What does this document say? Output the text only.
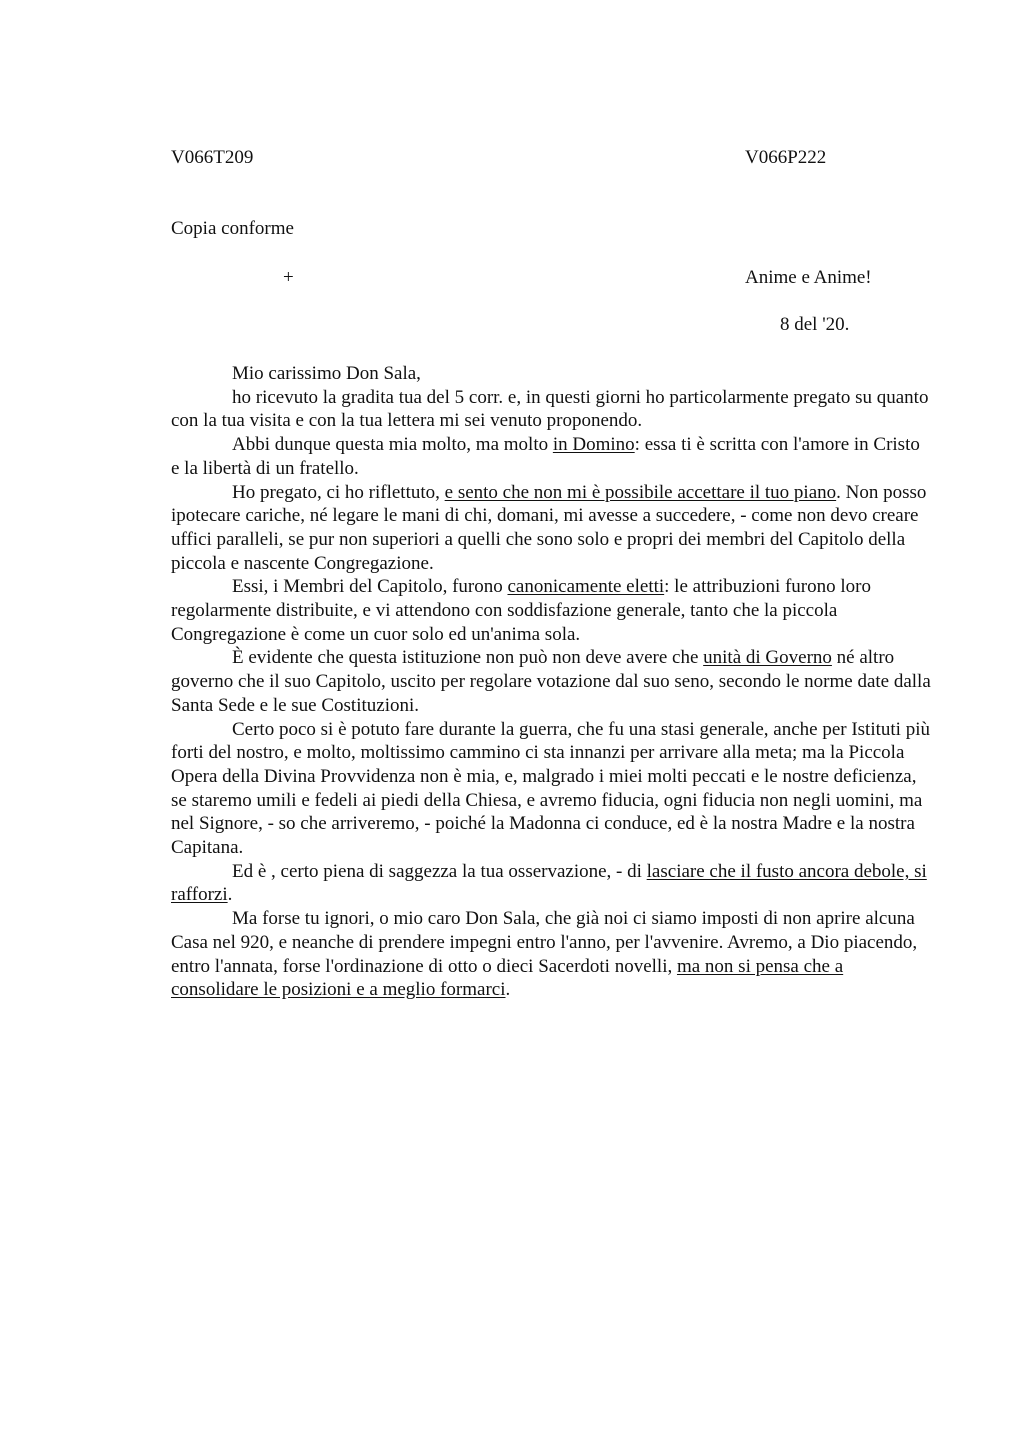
V066T209	V066P222
Copia conforme
+	Anime e Anime!
8 del '20.

Mio carissimo Don Sala,

ho ricevuto la gradita tua del 5 corr. e, in questi giorni ho particolarmente pregato su quanto con la tua visita e con la tua lettera mi sei venuto proponendo.

Abbi dunque questa mia molto, ma molto in Domino: essa ti è scritta con l'amore in Cristo e la libertà di un fratello.

Ho pregato, ci ho riflettuto, e sento che non mi è possibile accettare il tuo piano. Non posso ipotecare cariche, né legare le mani di chi, domani, mi avesse a succedere, - come non devo creare uffici paralleli, se pur non superiori a quelli che sono solo e propri dei membri del Capitolo della piccola e nascente Congregazione.

Essi, i Membri del Capitolo, furono canonicamente eletti: le attribuzioni furono loro regolarmente distribuite, e vi attendono con soddisfazione generale, tanto che la piccola Congregazione è come un cuor solo ed un'anima sola.

È evidente che questa istituzione non può non deve avere che unità di Governo né altro governo che il suo Capitolo, uscito per regolare votazione dal suo seno, secondo le norme date dalla Santa Sede e le sue Costituzioni.

Certo poco si è potuto fare durante la guerra, che fu una stasi generale, anche per Istituti più forti del nostro, e molto, moltissimo cammino ci sta innanzi per arrivare alla meta; ma la Piccola Opera della Divina Provvidenza non è mia, e, malgrado i miei molti peccati e le nostre deficienza, se staremo umili e fedeli ai piedi della Chiesa, e avremo fiducia, ogni fiducia non negli uomini, ma nel Signore, - so che arriveremo, - poiché la Madonna ci conduce, ed è la nostra Madre e la nostra Capitana.

Ed è , certo piena di saggezza la tua osservazione, - di lasciare che il fusto ancora debole, si rafforzi.

Ma forse tu ignori, o mio caro Don Sala, che già noi ci siamo imposti di non aprire alcuna Casa nel 920, e neanche di prendere impegni entro l'anno, per l'avvenire. Avremo, a Dio piacendo, entro l'annata, forse l'ordinazione di otto o dieci Sacerdoti novelli, ma non si pensa che a consolidare le posizioni e a meglio formarci.
